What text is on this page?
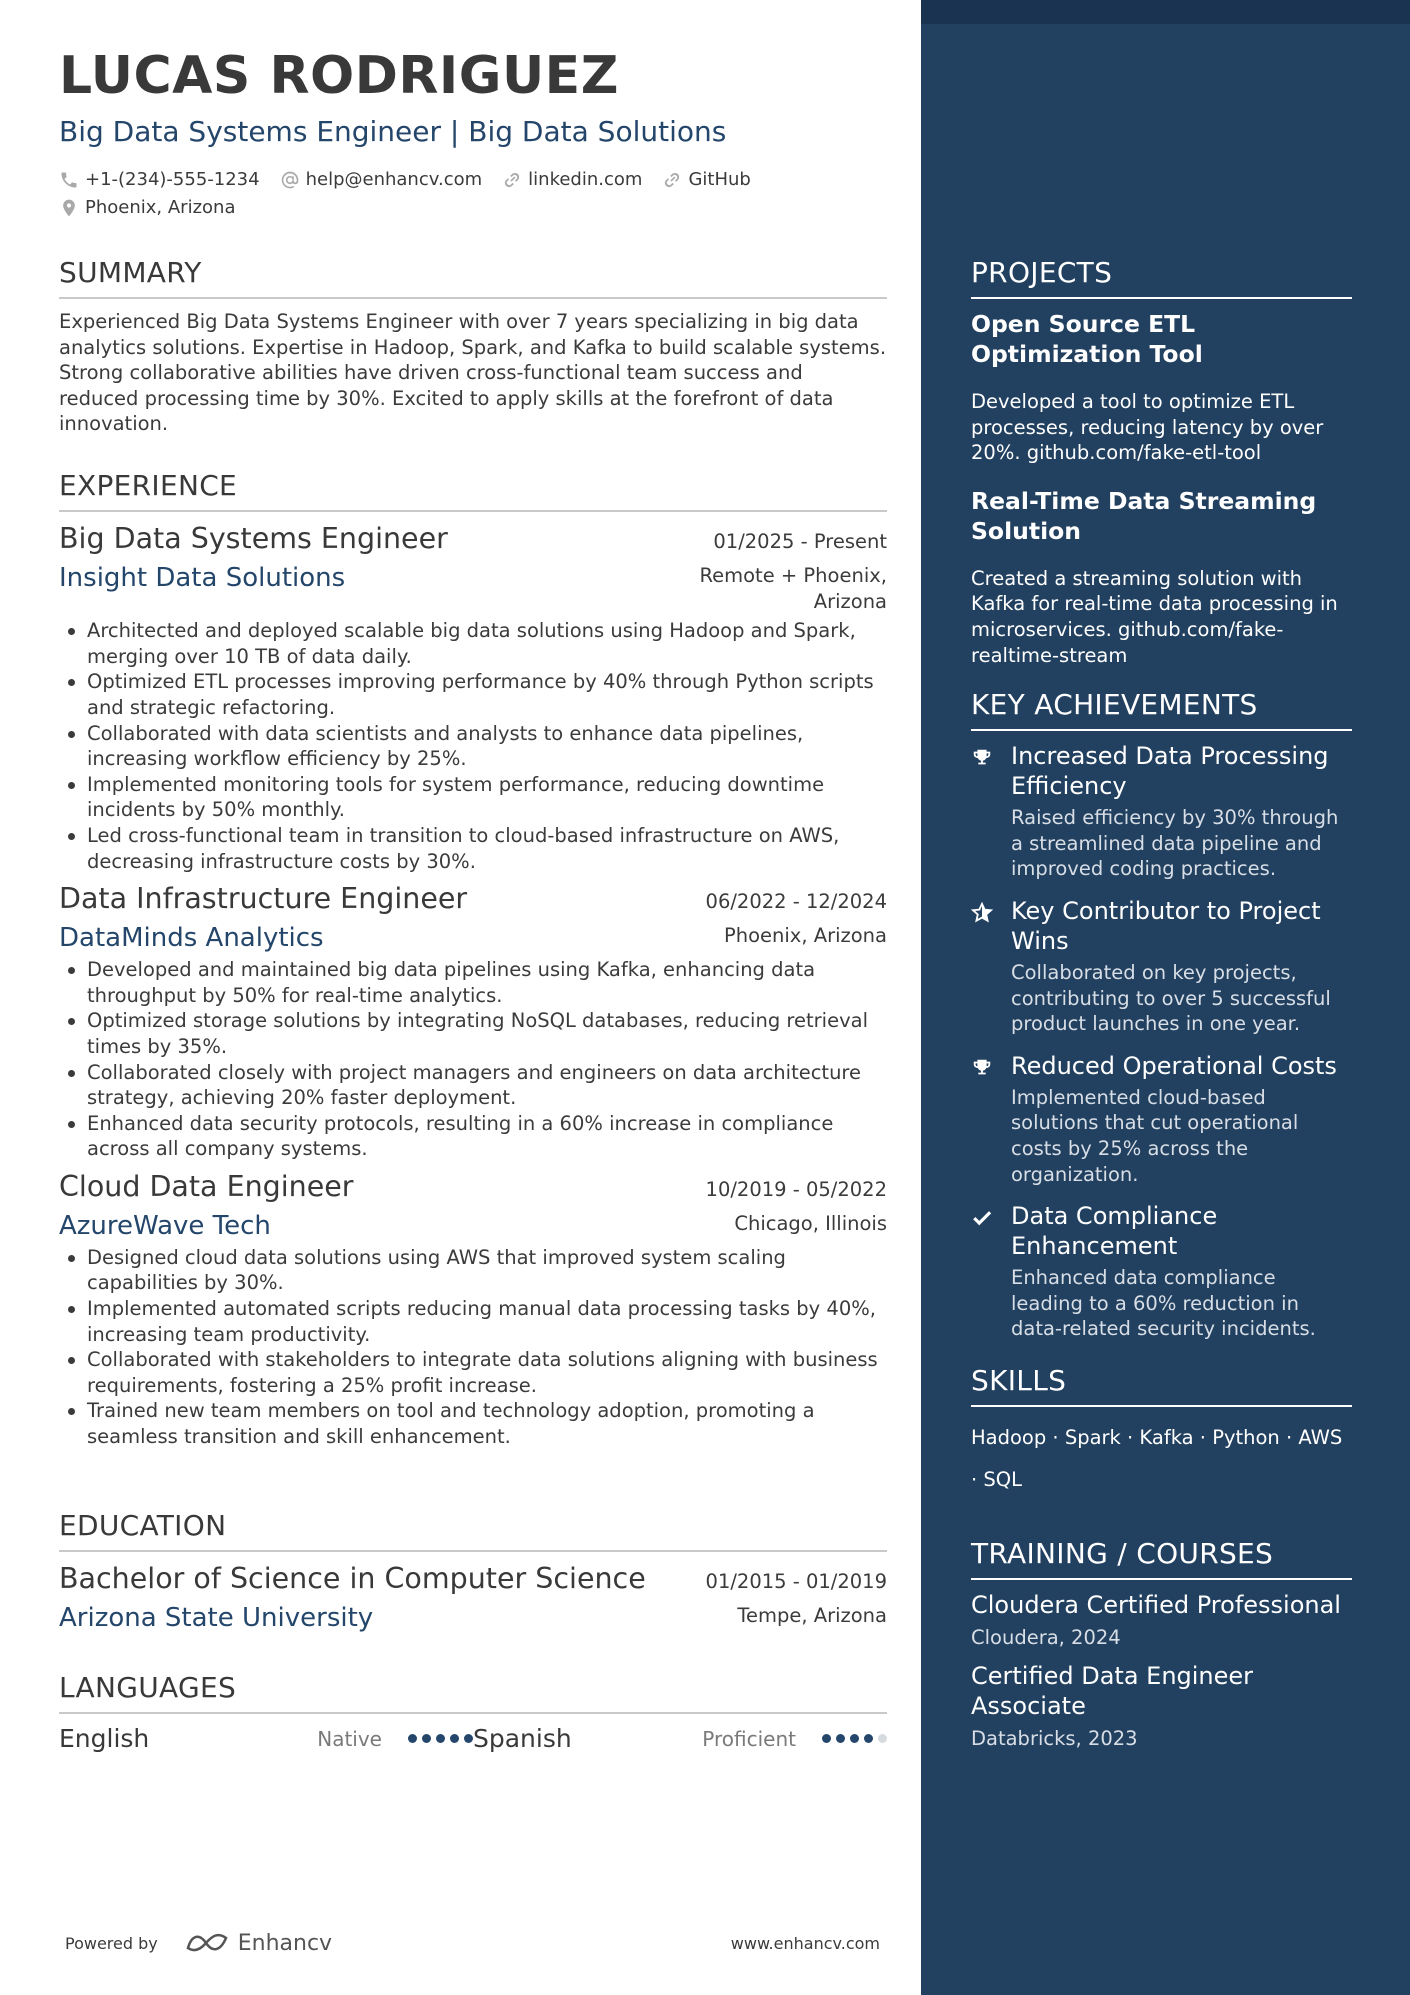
LUCAS RODRIGUEZ
Big Data Systems Engineer | Big Data Solutions
+1-(234)-555-1234	help@enhancv.com	linkedin.com	GitHub
Phoenix, Arizona
SUMMARY

Experienced Big Data Systems Engineer with over 7 years specializing in big data analytics solutions. Expertise in Hadoop, Spark, and Kafka to build scalable systems. Strong collaborative abilities have driven cross-functional team success and reduced processing time by 30%. Excited to apply skills at the forefront of data innovation.

EXPERIENCE
Big Data Systems Engineer	01/2025 - Present
Insight Data Solutions	Remote + Phoenix, Arizona
Architected and deployed scalable big data solutions using Hadoop and Spark, merging over 10 TB of data daily.
Optimized ETL processes improving performance by 40% through Python scripts and strategic refactoring.
Collaborated with data scientists and analysts to enhance data pipelines, increasing workflow efficiency by 25%.
Implemented monitoring tools for system performance, reducing downtime incidents by 50% monthly.
Led cross-functional team in transition to cloud-based infrastructure on AWS, decreasing infrastructure costs by 30%.
Data Infrastructure Engineer	06/2022 - 12/2024
DataMinds Analytics	Phoenix, Arizona
Developed and maintained big data pipelines using Kafka, enhancing data throughput by 50% for real-time analytics.
Optimized storage solutions by integrating NoSQL databases, reducing retrieval times by 35%.
Collaborated closely with project managers and engineers on data architecture strategy, achieving 20% faster deployment.
Enhanced data security protocols, resulting in a 60% increase in compliance across all company systems.
Cloud Data Engineer	10/2019 - 05/2022
AzureWave Tech	Chicago, Illinois
Designed cloud data solutions using AWS that improved system scaling capabilities by 30%.
Implemented automated scripts reducing manual data processing tasks by 40%, increasing team productivity.
Collaborated with stakeholders to integrate data solutions aligning with business requirements, fostering a 25% profit increase.
Trained new team members on tool and technology adoption, promoting a seamless transition and skill enhancement.
EDUCATION
Bachelor of Science in Computer Science	01/2015 - 01/2019
Arizona State University	Tempe, Arizona
LANGUAGES
English	Native	Spanish	Proficient
Powered by	Enhancv	www.enhancv.com
PROJECTS
Open Source ETL Optimization Tool
Developed a tool to optimize ETL processes, reducing latency by over 20%. github.com/fake-etl-tool
Real-Time Data Streaming Solution
Created a streaming solution with Kafka for real-time data processing in microservices. github.com/fake-realtime-stream
KEY ACHIEVEMENTS
Increased Data Processing Efficiency
Raised efficiency by 30% through a streamlined data pipeline and improved coding practices.
Key Contributor to Project Wins
Collaborated on key projects, contributing to over 5 successful product launches in one year.
Reduced Operational Costs
Implemented cloud-based solutions that cut operational costs by 25% across the organization.
Data Compliance Enhancement
Enhanced data compliance leading to a 60% reduction in data-related security incidents.
SKILLS
Hadoop · Spark · Kafka · Python · AWS · SQL
TRAINING / COURSES
Cloudera Certified Professional
Cloudera, 2024
Certified Data Engineer Associate
Databricks, 2023
